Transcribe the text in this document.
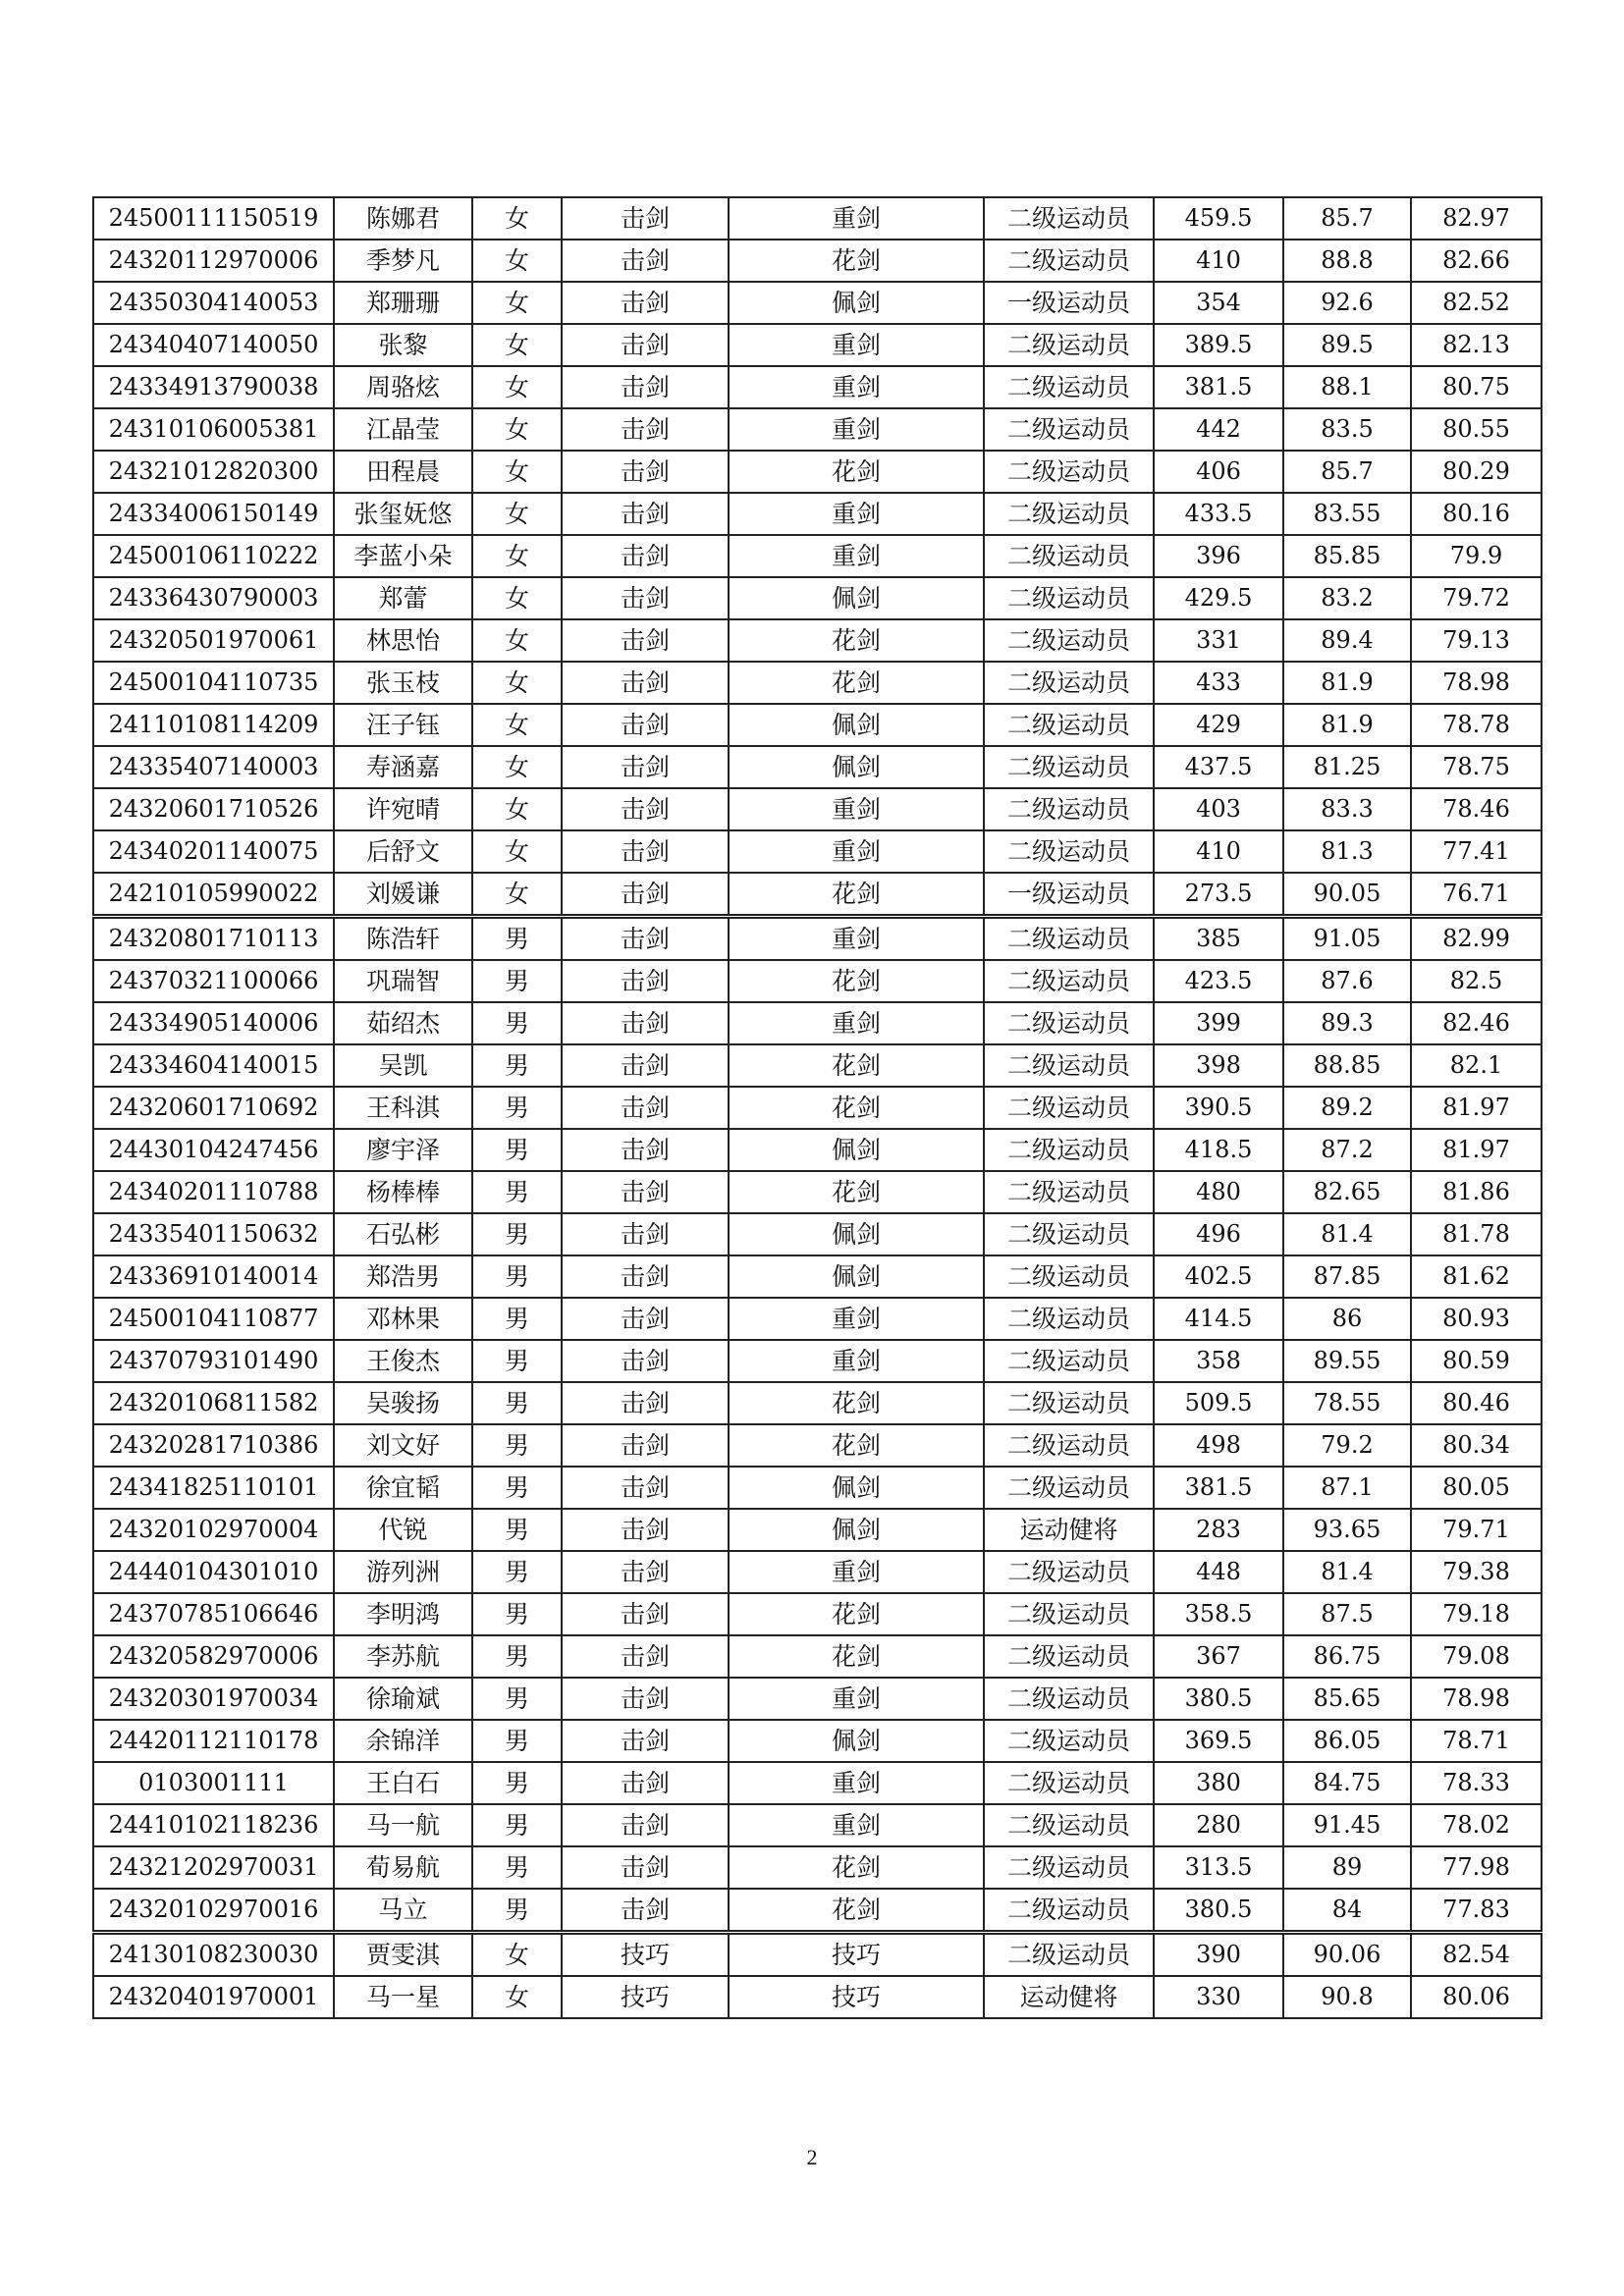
24500111150519	陈娜君	女	击剑	重剑	二级运动员	459.5	85.7	82.97
24320112970006	季梦凡	女	击剑	花剑	二级运动员	410	88.8	82.66
24350304140053	郑珊珊	女	击剑	佩剑	一级运动员	354	92.6	82.52
24340407140050	张黎	女	击剑	重剑	二级运动员	389.5	89.5	82.13
24334913790038	周骆炫	女	击剑	重剑	二级运动员	381.5	88.1	80.75
24310106005381	江晶莹	女	击剑	重剑	二级运动员	442	83.5	80.55
24321012820300	田程晨	女	击剑	花剑	二级运动员	406	85.7	80.29
24334006150149	张玺妩悠	女	击剑	重剑	二级运动员	433.5	83.55	80.16
24500106110222	李蓝小朵	女	击剑	重剑	二级运动员	396	85.85	79.9
24336430790003	郑蕾	女	击剑	佩剑	二级运动员	429.5	83.2	79.72
24320501970061	林思怡	女	击剑	花剑	二级运动员	331	89.4	79.13
24500104110735	张玉枝	女	击剑	花剑	二级运动员	433	81.9	78.98
24110108114209	汪子钰	女	击剑	佩剑	二级运动员	429	81.9	78.78
24335407140003	寿涵嘉	女	击剑	佩剑	二级运动员	437.5	81.25	78.75
24320601710526	许宛晴	女	击剑	重剑	二级运动员	403	83.3	78.46
24340201140075	后舒文	女	击剑	重剑	二级运动员	410	81.3	77.41
24210105990022	刘媛谦	女	击剑	花剑	一级运动员	273.5	90.05	76.71
24320801710113	陈浩轩	男	击剑	重剑	二级运动员	385	91.05	82.99
24370321100066	巩瑞智	男	击剑	花剑	二级运动员	423.5	87.6	82.5
24334905140006	茹绍杰	男	击剑	重剑	二级运动员	399	89.3	82.46
24334604140015	吴凯	男	击剑	花剑	二级运动员	398	88.85	82.1
24320601710692	王科淇	男	击剑	花剑	二级运动员	390.5	89.2	81.97
24430104247456	廖宇泽	男	击剑	佩剑	二级运动员	418.5	87.2	81.97
24340201110788	杨棒棒	男	击剑	花剑	二级运动员	480	82.65	81.86
24335401150632	石弘彬	男	击剑	佩剑	二级运动员	496	81.4	81.78
24336910140014	郑浩男	男	击剑	佩剑	二级运动员	402.5	87.85	81.62
24500104110877	邓林果	男	击剑	重剑	二级运动员	414.5	86	80.93
24370793101490	王俊杰	男	击剑	重剑	二级运动员	358	89.55	80.59
24320106811582	吴骏扬	男	击剑	花剑	二级运动员	509.5	78.55	80.46
24320281710386	刘文好	男	击剑	花剑	二级运动员	498	79.2	80.34
24341825110101	徐宜韬	男	击剑	佩剑	二级运动员	381.5	87.1	80.05
24320102970004	代锐	男	击剑	佩剑	运动健将	283	93.65	79.71
24440104301010	游列洲	男	击剑	重剑	二级运动员	448	81.4	79.38
24370785106646	李明鸿	男	击剑	花剑	二级运动员	358.5	87.5	79.18
24320582970006	李苏航	男	击剑	花剑	二级运动员	367	86.75	79.08
24320301970034	徐瑜斌	男	击剑	重剑	二级运动员	380.5	85.65	78.98
24420112110178	余锦洋	男	击剑	佩剑	二级运动员	369.5	86.05	78.71
0103001111	王白石	男	击剑	重剑	二级运动员	380	84.75	78.33
24410102118236	马一航	男	击剑	重剑	二级运动员	280	91.45	78.02
24321202970031	荀易航	男	击剑	花剑	二级运动员	313.5	89	77.98
24320102970016	马立	男	击剑	花剑	二级运动员	380.5	84	77.83
24130108230030	贾雯淇	女	技巧	技巧	二级运动员	390	90.06	82.54
24320401970001	马一星	女	技巧	技巧	运动健将	330	90.8	80.06
2
